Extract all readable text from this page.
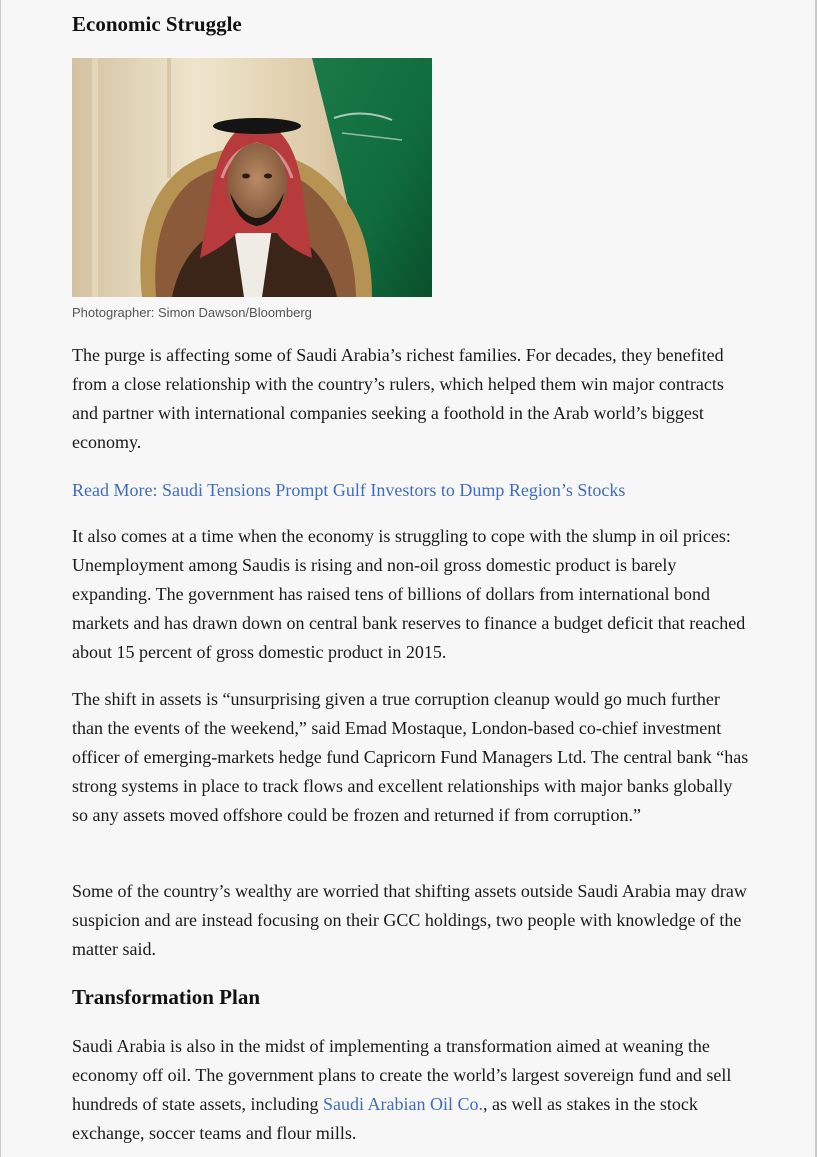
Economic Struggle
Photographer: Simon Dawson/Bloomberg

The purge is affecting some of Saudi Arabia’s richest families. For decades, they benefited from a close relationship with the country’s rulers, which helped them win major contracts and partner with international companies seeking a foothold in the Arab world’s biggest economy.

Read More: Saudi Tensions Prompt Gulf Investors to Dump Region’s Stocks

It also comes at a time when the economy is struggling to cope with the slump in oil prices: Unemployment among Saudis is rising and non-oil gross domestic product is barely expanding. The government has raised tens of billions of dollars from international bond markets and has drawn down on central bank reserves to finance a budget deficit that reached about 15 percent of gross domestic product in 2015.

The shift in assets is “unsurprising given a true corruption cleanup would go much further than the events of the weekend,” said Emad Mostaque, London-based co-chief investment officer of emerging-markets hedge fund Capricorn Fund Managers Ltd. The central bank “has strong systems in place to track flows and excellent relationships with major banks globally so any assets moved offshore could be frozen and returned if from corruption.”

Some of the country’s wealthy are worried that shifting assets outside Saudi Arabia may draw suspicion and are instead focusing on their GCC holdings, two people with knowledge of the matter said.

Transformation Plan

Saudi Arabia is also in the midst of implementing a transformation aimed at weaning the economy off oil. The government plans to create the world’s largest sovereign fund and sell hundreds of state assets, including Saudi Arabian Oil Co., as well as stakes in the stock exchange, soccer teams and flour mills.
